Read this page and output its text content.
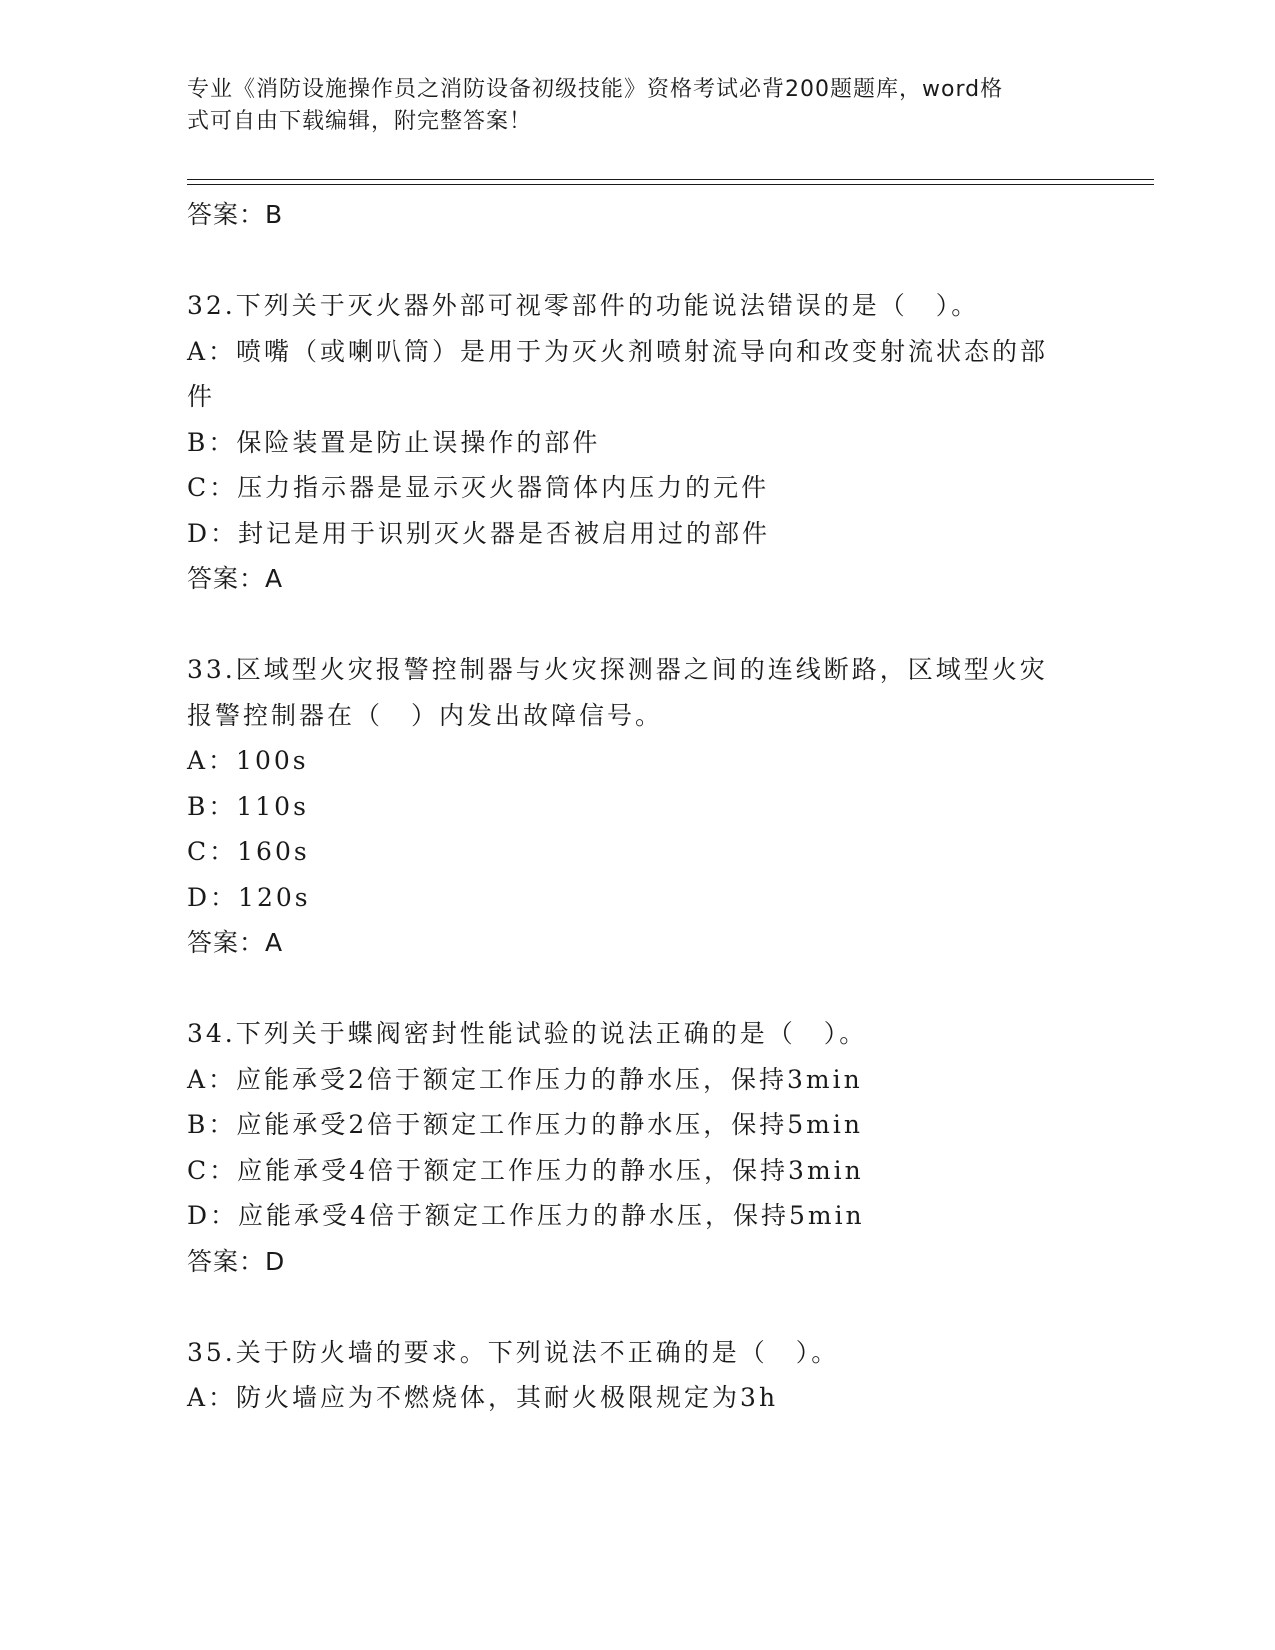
专业《消防设施操作员之消防设备初级技能》资格考试必背200题题库，word格
式可自由下载编辑，附完整答案！
答案：B
32.下列关于灭火器外部可视零部件的功能说法错误的是（　）。
A：喷嘴（或喇叭筒）是用于为灭火剂喷射流导向和改变射流状态的部
件
B：保险装置是防止误操作的部件
C：压力指示器是显示灭火器筒体内压力的元件
D：封记是用于识别灭火器是否被启用过的部件
答案：A
33.区域型火灾报警控制器与火灾探测器之间的连线断路，区域型火灾
报警控制器在（　）内发出故障信号。
A：100s
B：110s
C：160s
D：120s
答案：A
34.下列关于蝶阀密封性能试验的说法正确的是（　）。
A：应能承受2倍于额定工作压力的静水压，保持3min
B：应能承受2倍于额定工作压力的静水压，保持5min
C：应能承受4倍于额定工作压力的静水压，保持3min
D：应能承受4倍于额定工作压力的静水压，保持5min
答案：D
35.关于防火墙的要求。下列说法不正确的是（　）。
A：防火墙应为不燃烧体，其耐火极限规定为3h
